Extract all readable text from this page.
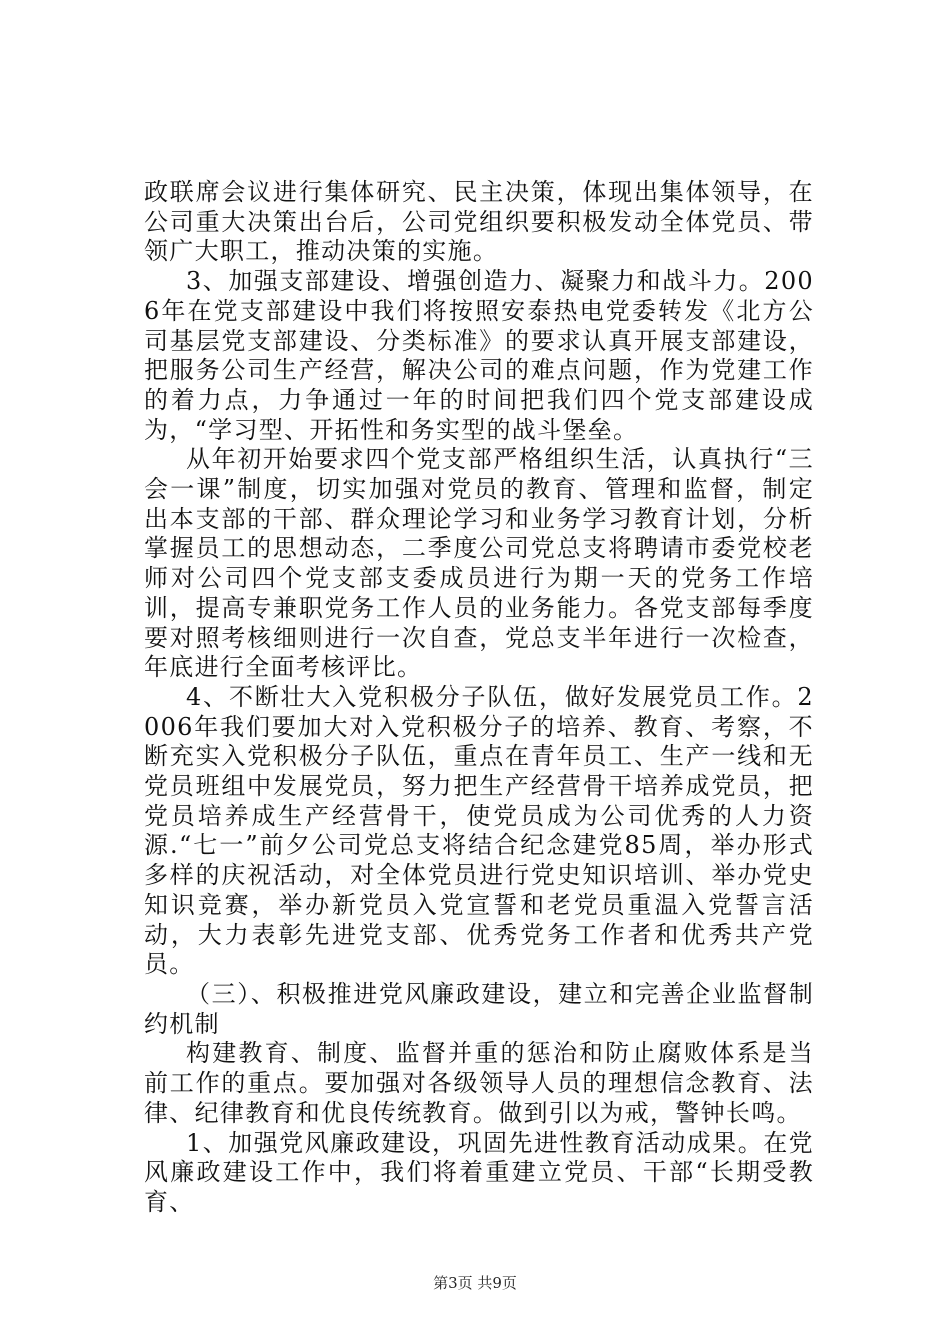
政联席会议进行集体研究、民主决策，体现出集体领导，在公司重大决策出台后，公司党组织要积极发动全体党员、带领广大职工，推动决策的实施。

3、加强支部建设、增强创造力、凝聚力和战斗力。2006年在党支部建设中我们将按照安泰热电党委转发《北方公司基层党支部建设、分类标准》的要求认真开展支部建设，把服务公司生产经营，解决公司的难点问题，作为党建工作的着力点，力争通过一年的时间把我们四个党支部建设成为，“学习型、开拓性和务实型的战斗堡垒。

从年初开始要求四个党支部严格组织生活，认真执行“三会一课”制度，切实加强对党员的教育、管理和监督，制定出本支部的干部、群众理论学习和业务学习教育计划，分析掌握员工的思想动态，二季度公司党总支将聘请市委党校老师对公司四个党支部支委成员进行为期一天的党务工作培训，提高专兼职党务工作人员的业务能力。各党支部每季度要对照考核细则进行一次自查，党总支半年进行一次检查，年底进行全面考核评比。

4、不断壮大入党积极分子队伍，做好发展党员工作。2006年我们要加大对入党积极分子的培养、教育、考察，不断充实入党积极分子队伍，重点在青年员工、生产一线和无党员班组中发展党员，努力把生产经营骨干培养成党员，把党员培养成生产经营骨干，使党员成为公司优秀的人力资源.“七一”前夕公司党总支将结合纪念建党85周，举办形式多样的庆祝活动，对全体党员进行党史知识培训、举办党史知识竞赛，举办新党员入党宣誓和老党员重温入党誓言活动，大力表彰先进党支部、优秀党务工作者和优秀共产党员。

（三）、积极推进党风廉政建设，建立和完善企业监督制约机制

构建教育、制度、监督并重的惩治和防止腐败体系是当前工作的重点。要加强对各级领导人员的理想信念教育、法律、纪律教育和优良传统教育。做到引以为戒，警钟长鸣。

1、加强党风廉政建设，巩固先进性教育活动成果。在党风廉政建设工作中，我们将着重建立党员、干部“长期受教育、

第3页 共9页
